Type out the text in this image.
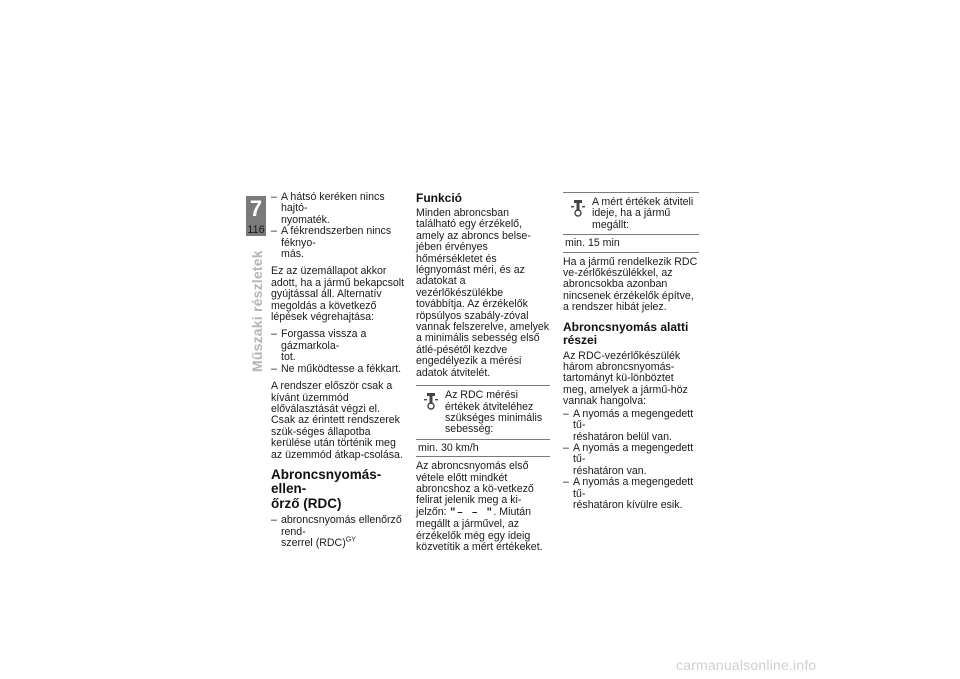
7
116
Műszaki részletek
– A hátsó keréken nincs hajtó-
nyomaték.
– A fékrendszerben nincs féknyo-
más.

Ez az üzemállapot akkor adott, ha a jármű bekapcsolt gyújtással áll. Alternatív megoldás a következő lépések végrehajtása:

– Forgassa vissza a gázmarkola-
tot.
– Ne működtesse a fékkart.

A rendszer először csak a kívánt üzemmód előválasztását végzi el. Csak az érintett rendszerek szük-séges állapotba kerülése után történik meg az üzemmód átkap-csolása.

Abroncsnyomás-ellen-
őrző (RDC)
– abroncsnyomás ellenőrző rend-
szerrel (RDC)$^{GY}$
Funkció

Minden abroncsban található egy érzékelő, amely az abroncs belse-jében érvényes hőmérsékletet és légnyomást méri, és az adatokat a vezérlőkészülékbe továbbítja. Az érzékelők röpsúlyos szabály-zóval vannak felszerelve, amelyek a minimális sebesség első átlé-pésétől kezdve engedélyezik a mérési adatok átvitelét.

Az RDC mérési értékek átviteléhez szükséges minimális sebesség:
min. 30 km/h

Az abroncsnyomás első vétele előtt mindkét abroncshoz a kö-vetkező felirat jelenik meg a ki-jelzőn: "– – ". Miután megállt a járművel, az érzékelők még egy ideig közvetítik a mért értékeket.

A mért értékek átviteli ideje, ha a jármű megállt:
min. 15 min

Ha a jármű rendelkezik RDC ve-zérlőkészülékkel, az abroncsokba azonban nincsenek érzékelők építve, a rendszer hibát jelez.

Abroncsnyomás alatti
részei

Az RDC-vezérlőkészülék három abroncsnyomás-tartományt kü-lönböztet meg, amelyek a jármű-höz vannak hangolva:

– A nyomás a megengedett tű-
réshatáron belül van.
– A nyomás a megengedett tű-
réshatáron van.
– A nyomás a megengedett tű-
réshatáron kívülre esik.
carmanualsonline.info
